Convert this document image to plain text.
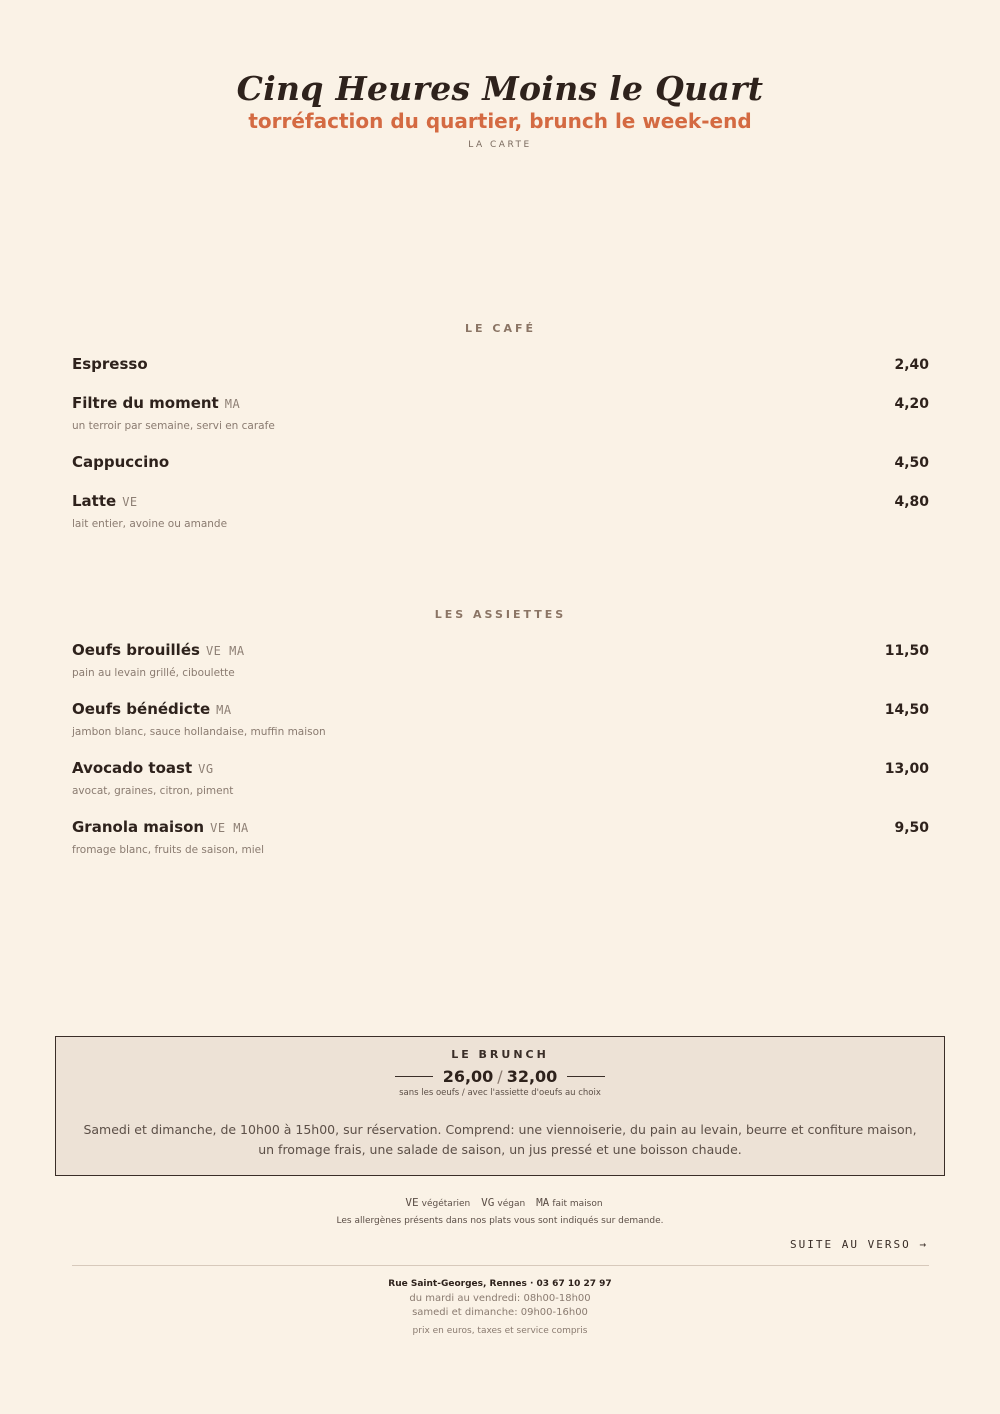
Cinq Heures Moins le Quart
torréfaction du quartier, brunch le week-end
LA CARTE
LE CAFÉ
Espresso	2,40
Filtre du moment MA	4,20
un terroir par semaine, servi en carafe
Cappuccino	4,50
Latte VE	4,80
lait entier, avoine ou amande
LES ASSIETTES
Oeufs brouillés VE MA	11,50
pain au levain grillé, ciboulette
Oeufs bénédicte MA	14,50
jambon blanc, sauce hollandaise, muffin maison
Avocado toast VG	13,00
avocat, graines, citron, piment
Granola maison VE MA	9,50
fromage blanc, fruits de saison, miel
LE BRUNCH
26,00 / 32,00
sans les oeufs / avec l'assiette d'oeufs au choix
Samedi et dimanche, de 10h00 à 15h00, sur réservation. Comprend: une viennoiserie, du pain au levain, beurre et confiture maison, un fromage frais, une salade de saison, un jus pressé et une boisson chaude.
VE végétarien VG végan MA fait maison
Les allergènes présents dans nos plats vous sont indiqués sur demande.
SUITE AU VERSO →
Rue Saint-Georges, Rennes · 03 67 10 27 97
du mardi au vendredi: 08h00-18h00
samedi et dimanche: 09h00-16h00
prix en euros, taxes et service compris
